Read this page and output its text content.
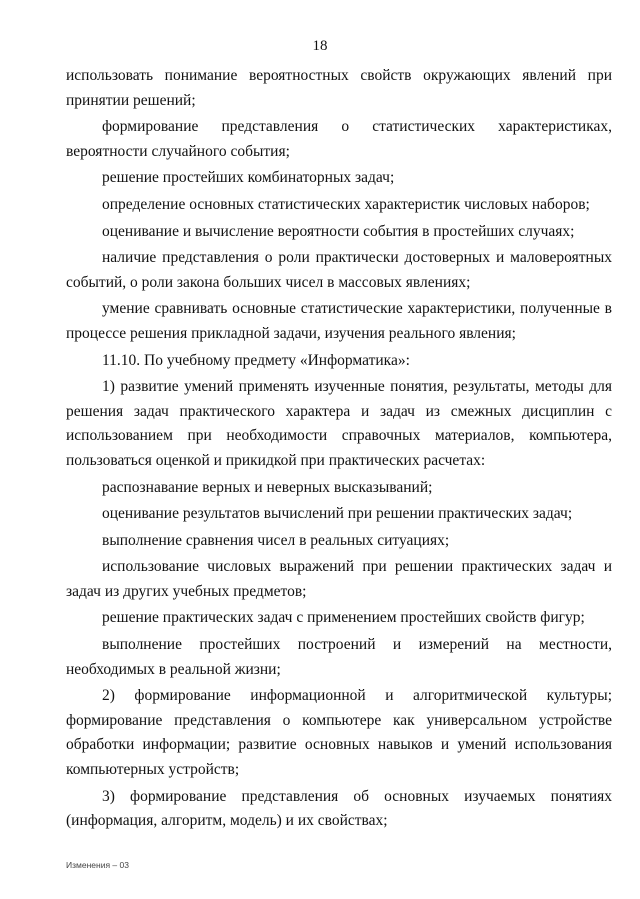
18

использовать понимание вероятностных свойств окружающих явлений при принятии решений;

формирование представления о статистических характеристиках, вероятности случайного события;

решение простейших комбинаторных задач;

определение основных статистических характеристик числовых наборов;

оценивание и вычисление вероятности события в простейших случаях;

наличие представления о роли практически достоверных и маловероятных событий, о роли закона больших чисел в массовых явлениях;

умение сравнивать основные статистические характеристики, полученные в процессе решения прикладной задачи, изучения реального явления;

11.10. По учебному предмету «Информатика»:

1) развитие умений применять изученные понятия, результаты, методы для решения задач практического характера и задач из смежных дисциплин с использованием при необходимости справочных материалов, компьютера, пользоваться оценкой и прикидкой при практических расчетах:

распознавание верных и неверных высказываний;

оценивание результатов вычислений при решении практических задач;

выполнение сравнения чисел в реальных ситуациях;

использование числовых выражений при решении практических задач и задач из других учебных предметов;

решение практических задач с применением простейших свойств фигур;

выполнение простейших построений и измерений на местности, необходимых в реальной жизни;

2) формирование информационной и алгоритмической культуры; формирование представления о компьютере как универсальном устройстве обработки информации; развитие основных навыков и умений использования компьютерных устройств;

3) формирование представления об основных изучаемых понятиях (информация, алгоритм, модель) и их свойствах;

Изменения – 03
